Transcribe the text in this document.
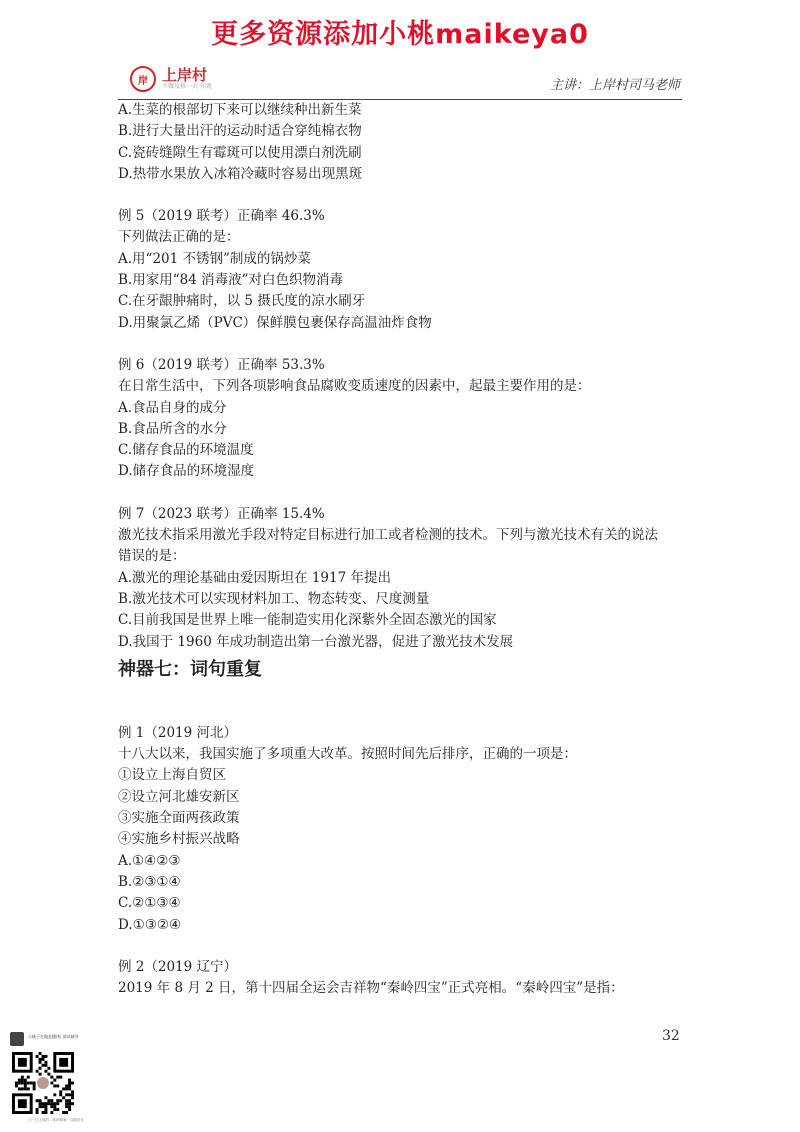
更多资源添加小桃maikeya0
岸 上岸村
不做及格一天 你就	主讲：上岸村司马老师
A.生菜的根部切下来可以继续种出新生菜
B.进行大量出汗的运动时适合穿纯棉衣物
C.瓷砖缝隙生有霉斑可以使用漂白剂洗刷
D.热带水果放入冰箱冷藏时容易出现黑斑
例 5（2019 联考）正确率 46.3%
下列做法正确的是：
A.用“201 不锈钢”制成的锅炒菜
B.用家用“84 消毒液”对白色织物消毒
C.在牙龈肿痛时，以 5 摄氏度的凉水刷牙
D.用聚氯乙烯（PVC）保鲜膜包裹保存高温油炸食物
例 6（2019 联考）正确率 53.3%
在日常生活中，下列各项影响食品腐败变质速度的因素中，起最主要作用的是：
A.食品自身的成分
B.食品所含的水分
C.储存食品的环境温度
D.储存食品的环境湿度
例 7（2023 联考）正确率 15.4%
激光技术指采用激光手段对特定目标进行加工或者检测的技术。下列与激光技术有关的说法
错误的是：
A.激光的理论基础由爱因斯坦在 1917 年提出
B.激光技术可以实现材料加工、物态转变、尺度测量
C.目前我国是世界上唯一能制造实用化深紫外全固态激光的国家
D.我国于 1960 年成功制造出第一台激光器，促进了激光技术发展
神器七：词句重复
例 1（2019 河北）
十八大以来，我国实施了多项重大改革。按照时间先后排序，正确的一项是：
①设立上海自贸区
②设立河北雄安新区
③实施全面两孩政策
④实施乡村振兴战略
A.①④②③
B.②③①④
C.②①③④
D.①③②④
例 2（2019 辽宁）
2019 年 8 月 2 日，第十四届全运会吉祥物“秦岭四宝”正式亮相。“秦岭四宝”是指：
32
小桃子在做直播/私 面试辅导
扫一扫上面的二维码图案，加我好友
